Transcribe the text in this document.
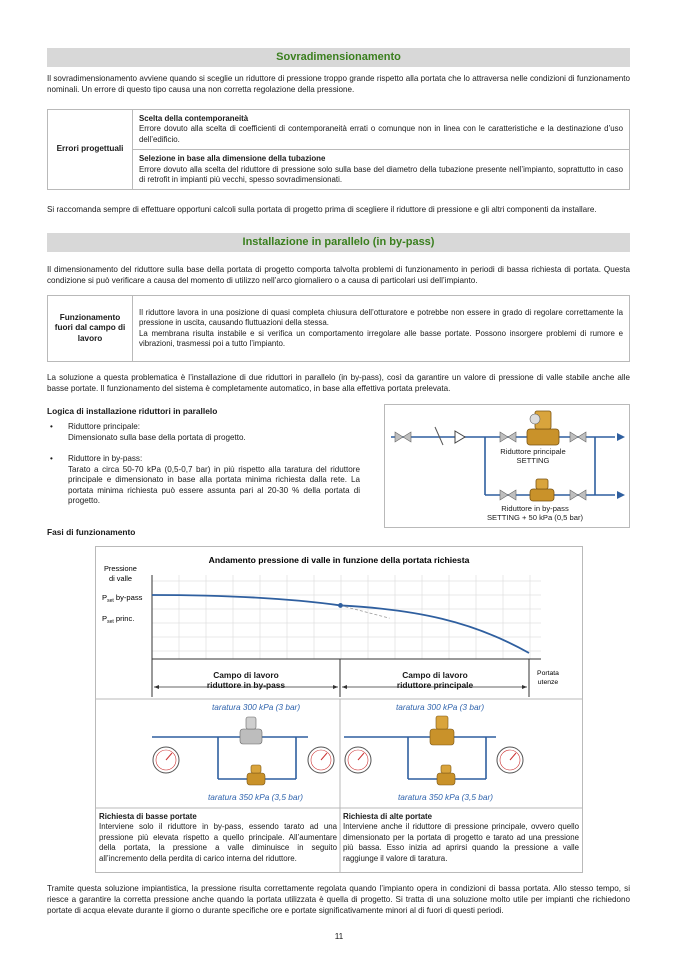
Sovradimensionamento
Il sovradimensionamento avviene quando si sceglie un riduttore di pressione troppo grande rispetto alla portata che lo attraversa nelle condizioni di funzionamento nominali. Un errore di questo tipo causa una non corretta regolazione della pressione.
Errori progettuali	
Scelta della contemporaneità
Errore dovuto alla scelta di coefficienti di contemporaneità errati o comunque non in linea con le caratteristiche e la destinazione d’uso dell’edificio.

Selezione in base alla dimensione della tubazione
Errore dovuto alla scelta del riduttore di pressione solo sulla base del diametro della tubazione presente nell’impianto, soprattutto in caso di retrofit in impianti più vecchi, spesso sovradimensionati.
Si raccomanda sempre di effettuare opportuni calcoli sulla portata di progetto prima di scegliere il riduttore di pressione e gli altri componenti da installare.
Installazione in parallelo (in by-pass)
Il dimensionamento del riduttore sulla base della portata di progetto comporta talvolta problemi di funzionamento in periodi di bassa richiesta di portata. Questa condizione si può verificare a causa del momento di utilizzo nell’arco giornaliero o a causa di particolari usi dell’impianto.
Funzionamento fuori dal campo di lavoro	
Il riduttore lavora in una posizione di quasi completa chiusura dell’otturatore e potrebbe non essere in grado di regolare correttamente la pressione in uscita, causando fluttuazioni della stessa.
La membrana risulta instabile e si verifica un comportamento irregolare alle basse portate. Possono insorgere problemi di rumore e vibrazioni, trasmessi poi a tutto l’impianto.
La soluzione a questa problematica è l’installazione di due riduttori in parallelo (in by-pass), così da garantire un valore di pressione di valle stabile anche alle basse portate. Il funzionamento del sistema è completamente automatico, in base alla effettiva portata prelevata.
Logica di installazione riduttori in parallelo
• Riduttore principale:
Dimensionato sulla base della portata di progetto.
• Riduttore in by-pass:
Tarato a circa 50-70 kPa (0,5-0,7 bar) in più rispetto alla taratura del riduttore principale e dimensionato in base alla portata minima richiesta dalla rete. La portata minima richiesta può essere assunta pari al 20-30 % della portata di progetto.
Riduttore principale
SETTING
Riduttore in by-pass
SETTING + 50 kPa (0,5 bar)
Fasi di funzionamento
Andamento pressione di valle in funzione della portata richiesta
Pressione
di valle
$P_{set}$ by-pass
$P_{set}$ princ.
Portata
utenze
Campo di lavoro
riduttore in by-pass
Campo di lavoro
riduttore principale
taratura 300 kPa (3 bar)
taratura 350 kPa (3,5 bar)
taratura 300 kPa (3 bar)
taratura 350 kPa (3,5 bar)
Richiesta di basse portate
Interviene solo il riduttore in by-pass, essendo tarato ad una pressione più elevata rispetto a quello principale. All’aumentare della portata, la pressione a valle diminuisce in seguito all’incremento della perdita di carico interna del riduttore.
Richiesta di alte portate
Interviene anche il riduttore di pressione principale, ovvero quello dimensionato per la portata di progetto e tarato ad una pressione più bassa. Esso inizia ad aprirsi quando la pressione a valle raggiunge il valore di taratura.
Tramite questa soluzione impiantistica, la pressione risulta correttamente regolata quando l’impianto opera in condizioni di bassa portata. Allo stesso tempo, si riesce a garantire la corretta pressione anche quando la portata utilizzata è quella di progetto. Si tratta di una soluzione molto utile per impianti che richiedono portate di acqua elevate durante il giorno o durante specifiche ore e portate significativamente minori al di fuori di questi periodi.
11
